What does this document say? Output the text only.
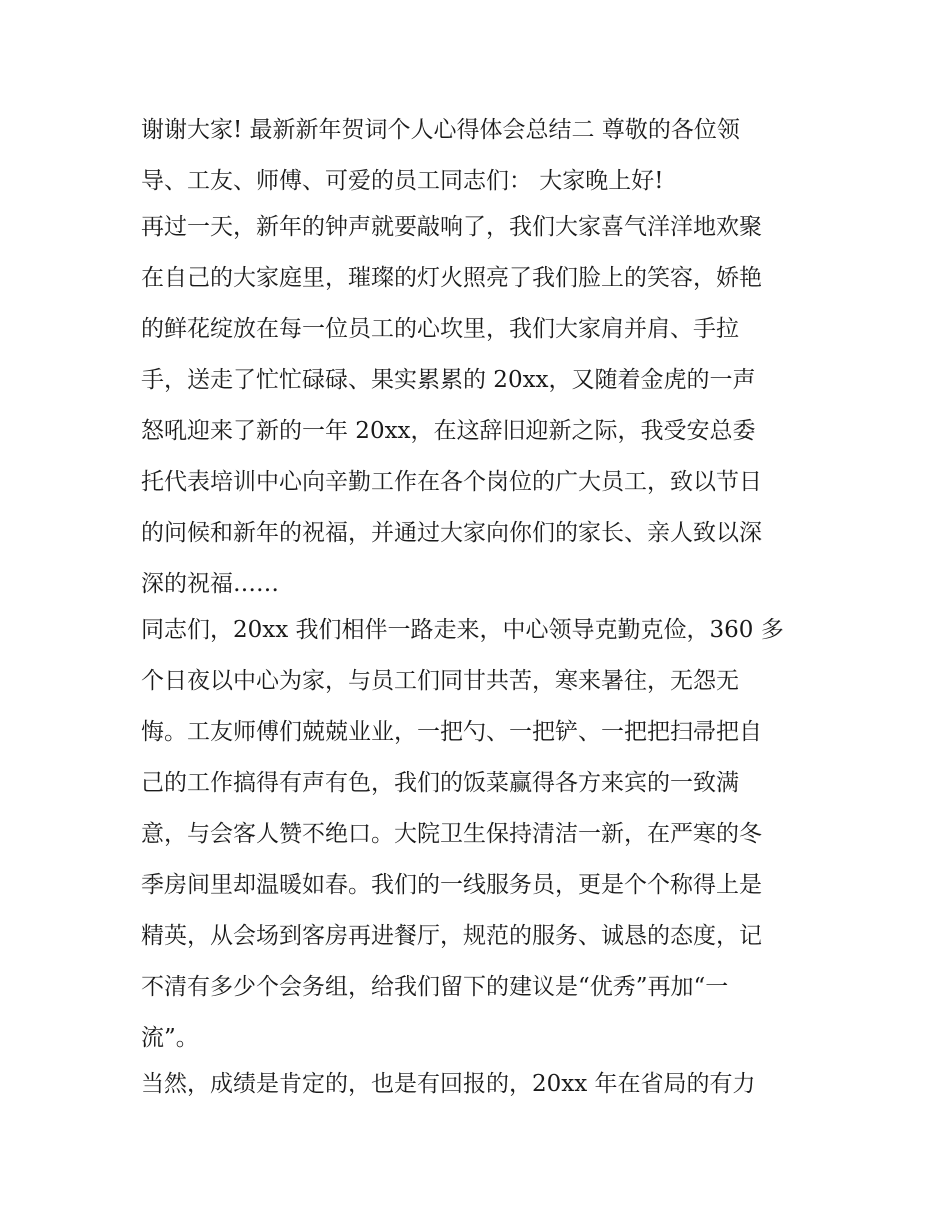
谢谢大家! 最新新年贺词个人心得体会总结二 尊敬的各位领
导、工友、师傅、可爱的员工同志们： 大家晚上好!

再过一天，新年的钟声就要敲响了，我们大家喜气洋洋地欢聚
在自己的大家庭里，璀璨的灯火照亮了我们脸上的笑容，娇艳
的鲜花绽放在每一位员工的心坎里，我们大家肩并肩、手拉
手，送走了忙忙碌碌、果实累累的 20xx，又随着金虎的一声
怒吼迎来了新的一年 20xx，在这辞旧迎新之际，我受安总委
托代表培训中心向辛勤工作在各个岗位的广大员工，致以节日
的问候和新年的祝福，并通过大家向你们的家长、亲人致以深
深的祝福……

同志们，20xx 我们相伴一路走来，中心领导克勤克俭，360 多
个日夜以中心为家，与员工们同甘共苦，寒来暑往，无怨无
悔。工友师傅们兢兢业业，一把勺、一把铲、一把把扫帚把自
己的工作搞得有声有色，我们的饭菜赢得各方来宾的一致满
意，与会客人赞不绝口。大院卫生保持清洁一新，在严寒的冬
季房间里却温暖如春。我们的一线服务员，更是个个称得上是
精英，从会场到客房再进餐厅，规范的服务、诚恳的态度，记
不清有多少个会务组，给我们留下的建议是“优秀”再加“一
流”。

当然，成绩是肯定的，也是有回报的，20xx 年在省局的有力
